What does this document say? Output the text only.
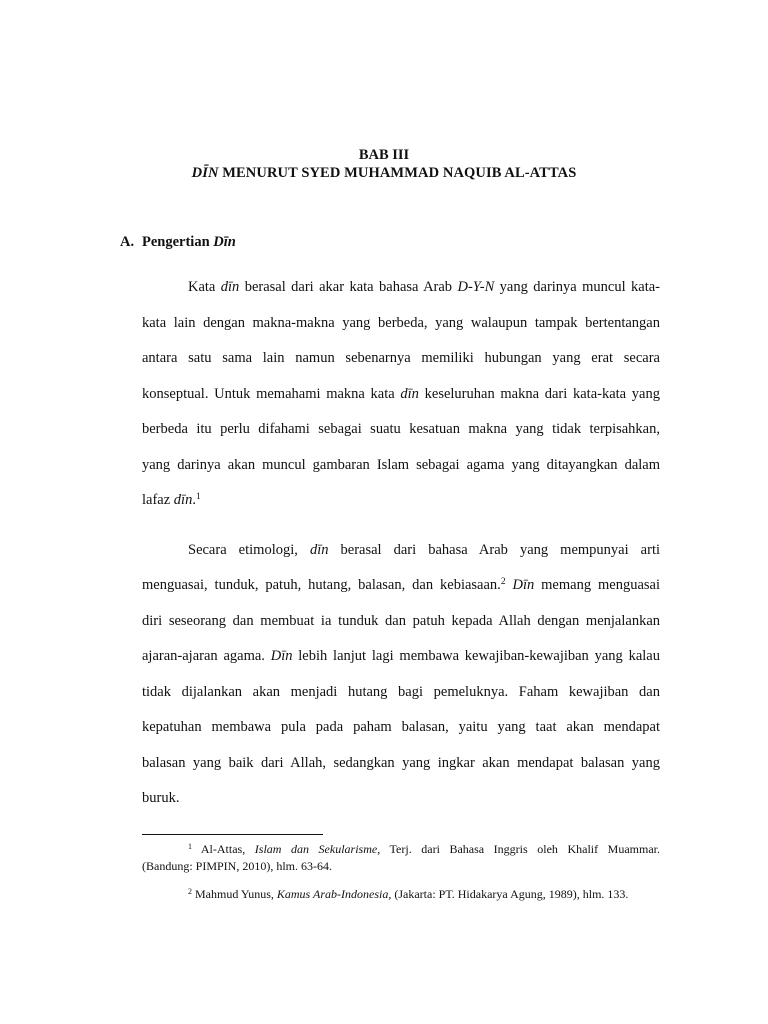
BAB III
DĪN MENURUT SYED MUHAMMAD NAQUIB AL-ATTAS
A. Pengertian Dīn
Kata dīn berasal dari akar kata bahasa Arab D-Y-N yang darinya muncul kata-
kata lain dengan makna-makna yang berbeda, yang walaupun tampak bertentangan
antara satu sama lain namun sebenarnya memiliki hubungan yang erat secara
konseptual. Untuk memahami makna kata dīn keseluruhan makna dari kata-kata yang
berbeda itu perlu difahami sebagai suatu kesatuan makna yang tidak terpisahkan,
yang darinya akan muncul gambaran Islam sebagai agama yang ditayangkan dalam
lafaz dīn.$^1$
Secara etimologi, dīn berasal dari bahasa Arab yang mempunyai arti
menguasai, tunduk, patuh, hutang, balasan, dan kebiasaan.$^2$ Dīn memang menguasai
diri seseorang dan membuat ia tunduk dan patuh kepada Allah dengan menjalankan
ajaran-ajaran agama. Dīn lebih lanjut lagi membawa kewajiban-kewajiban yang kalau
tidak dijalankan akan menjadi hutang bagi pemeluknya. Faham kewajiban dan
kepatuhan membawa pula pada paham balasan, yaitu yang taat akan mendapat
balasan yang baik dari Allah, sedangkan yang ingkar akan mendapat balasan yang
buruk.
$^1$ Al-Attas, Islam dan Sekularisme, Terj. dari Bahasa Inggris oleh Khalif Muammar.
(Bandung: PIMPIN, 2010), hlm. 63-64.
$^2$ Mahmud Yunus, Kamus Arab-Indonesia, (Jakarta: PT. Hidakarya Agung, 1989), hlm. 133.
